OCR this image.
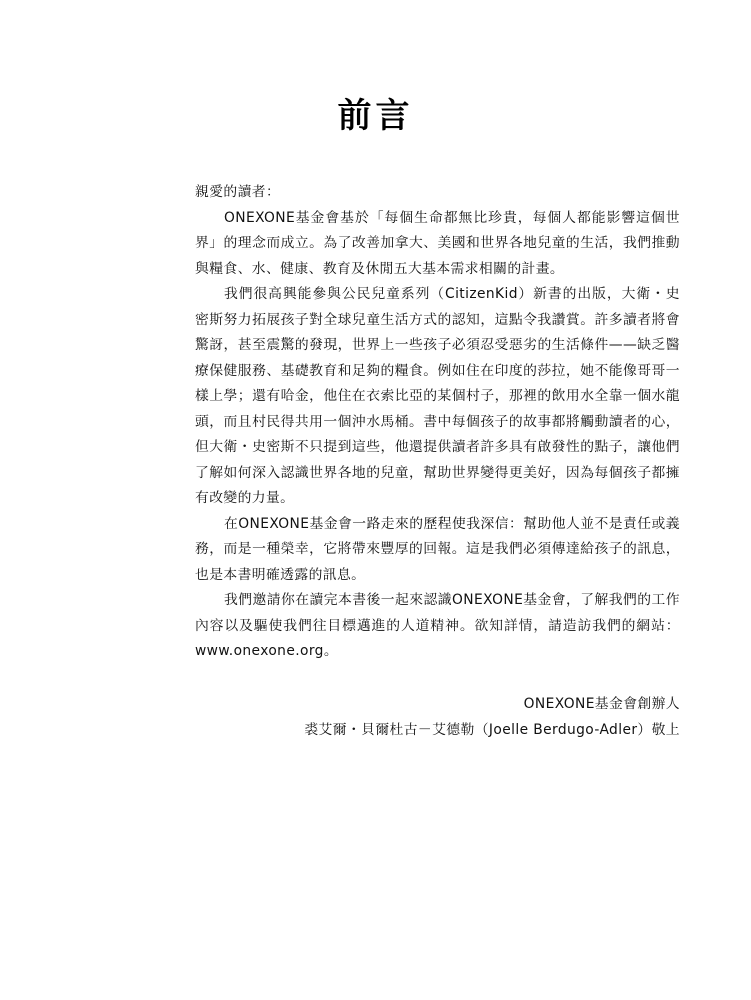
前言

親愛的讀者：

ONEXONE基金會基於「每個生命都無比珍貴，每個人都能影響這個世界」的理念而成立。為了改善加拿大、美國和世界各地兒童的生活，我們推動與糧食、水、健康、教育及休閒五大基本需求相關的計畫。

我們很高興能參與公民兒童系列（CitizenKid）新書的出版，大衛・史密斯努力拓展孩子對全球兒童生活方式的認知，這點令我讚賞。許多讀者將會驚訝，甚至震驚的發現，世界上一些孩子必須忍受惡劣的生活條件——缺乏醫療保健服務、基礎教育和足夠的糧食。例如住在印度的莎拉，她不能像哥哥一樣上學；還有哈金，他住在衣索比亞的某個村子，那裡的飲用水全靠一個水龍頭，而且村民得共用一個沖水馬桶。書中每個孩子的故事都將觸動讀者的心，但大衛・史密斯不只提到這些，他還提供讀者許多具有啟發性的點子，讓他們了解如何深入認識世界各地的兒童，幫助世界變得更美好，因為每個孩子都擁有改變的力量。

在ONEXONE基金會一路走來的歷程使我深信：幫助他人並不是責任或義務，而是一種榮幸，它將帶來豐厚的回報。這是我們必須傳達給孩子的訊息，也是本書明確透露的訊息。

我們邀請你在讀完本書後一起來認識ONEXONE基金會，了解我們的工作內容以及驅使我們往目標邁進的人道精神。欲知詳情，請造訪我們的網站：www.onexone.org。

ONEXONE基金會創辦人
裘艾爾・貝爾杜古－艾德勒（Joelle Berdugo-Adler）敬上
